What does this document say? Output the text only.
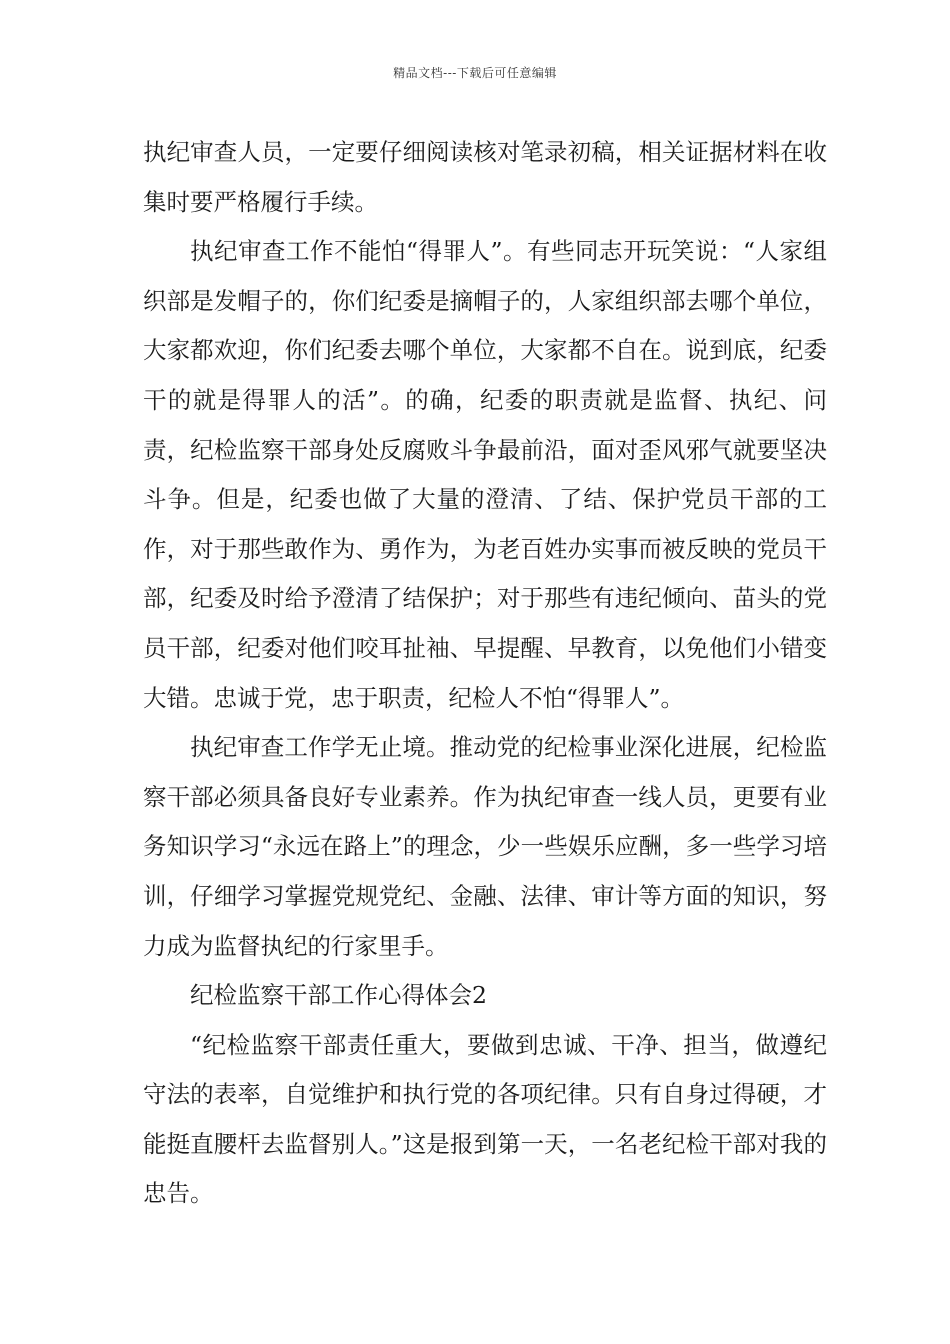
精品文档---下载后可任意编辑

执纪审查人员，一定要仔细阅读核对笔录初稿，相关证据材料在收集时要严格履行手续。

执纪审查工作不能怕“得罪人”。有些同志开玩笑说：“人家组织部是发帽子的，你们纪委是摘帽子的，人家组织部去哪个单位，大家都欢迎，你们纪委去哪个单位，大家都不自在。说到底，纪委干的就是得罪人的活”。的确，纪委的职责就是监督、执纪、问责，纪检监察干部身处反腐败斗争最前沿，面对歪风邪气就要坚决斗争。但是，纪委也做了大量的澄清、了结、保护党员干部的工作，对于那些敢作为、勇作为，为老百姓办实事而被反映的党员干部，纪委及时给予澄清了结保护；对于那些有违纪倾向、苗头的党员干部，纪委对他们咬耳扯袖、早提醒、早教育，以免他们小错变大错。忠诚于党，忠于职责，纪检人不怕“得罪人”。

执纪审查工作学无止境。推动党的纪检事业深化进展，纪检监察干部必须具备良好专业素养。作为执纪审查一线人员，更要有业务知识学习“永远在路上”的理念，少一些娱乐应酬，多一些学习培训，仔细学习掌握党规党纪、金融、法律、审计等方面的知识，努力成为监督执纪的行家里手。

纪检监察干部工作心得体会2

“纪检监察干部责任重大，要做到忠诚、干净、担当，做遵纪守法的表率，自觉维护和执行党的各项纪律。只有自身过得硬，才能挺直腰杆去监督别人。”这是报到第一天，一名老纪检干部对我的忠告。
